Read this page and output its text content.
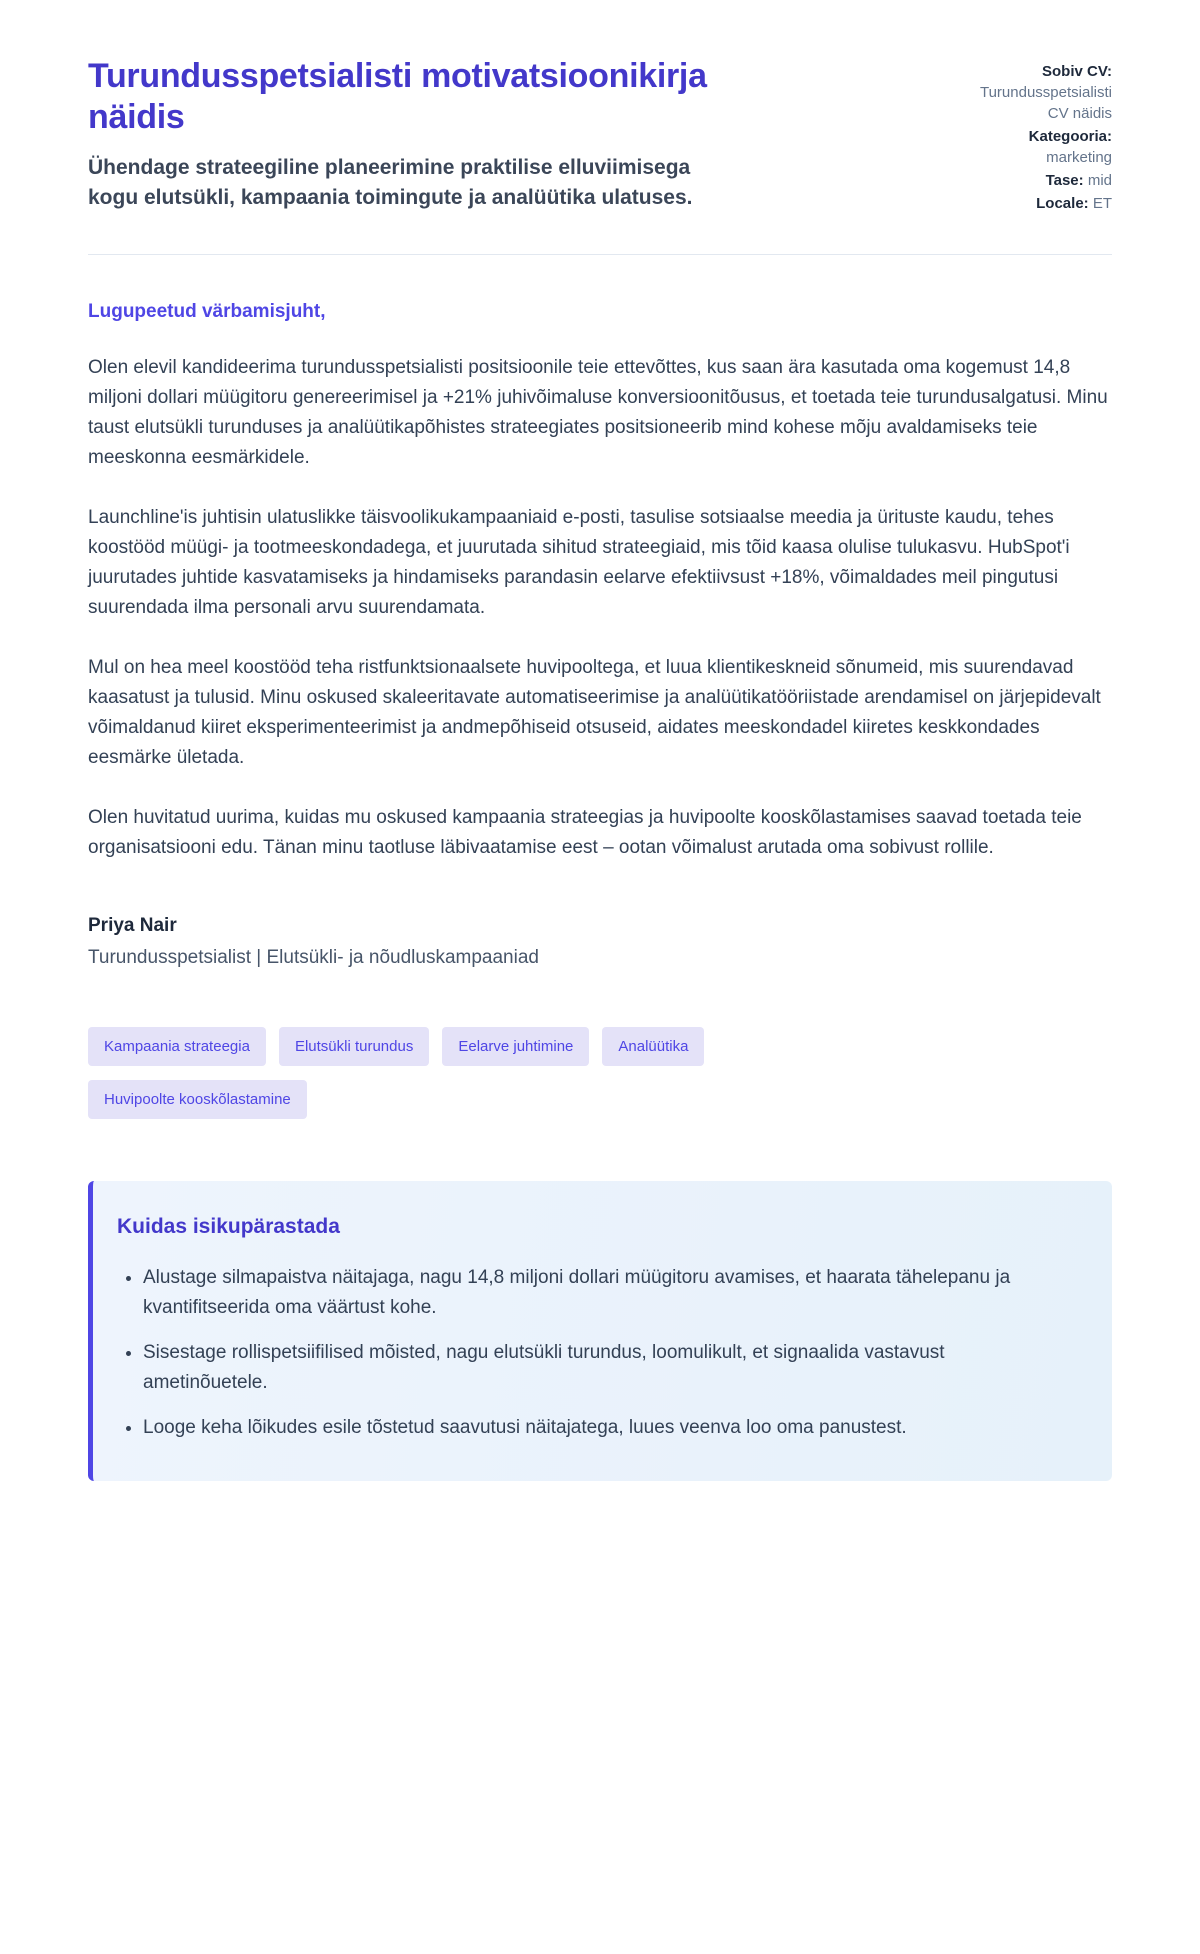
Turundusspetsialisti motivatsioonikirja näidis

Ühendage strateegiline planeerimine praktilise elluviimisega kogu elutsükli, kampaania toimingute ja analüütika ulatuses.

Sobiv CV: Turundusspetsialisti CV näidis
Kategooria: marketing
Tase: mid
Locale: ET

Lugupeetud värbamisjuht,

Olen elevil kandideerima turundusspetsialisti positsioonile teie ettevõttes, kus saan ära kasutada oma kogemust 14,8 miljoni dollari müügitoru genereerimisel ja +21% juhivõimaluse konversioonitõusus, et toetada teie turundusalgatusi. Minu taust elutsükli turunduses ja analüütikapõhistes strateegiates positsioneerib mind kohese mõju avaldamiseks teie meeskonna eesmärkidele.

Launchline'is juhtisin ulatuslikke täisvoolikukampaaniaid e-posti, tasulise sotsiaalse meedia ja ürituste kaudu, tehes koostööd müügi- ja tootmeeskondadega, et juurutada sihitud strateegiaid, mis tõid kaasa olulise tulukasvu. HubSpot'i juurutades juhtide kasvatamiseks ja hindamiseks parandasin eelarve efektiivsust +18%, võimaldades meil pingutusi suurendada ilma personali arvu suurendamata.

Mul on hea meel koostööd teha ristfunktsionaalsete huvipooltega, et luua klientikeskneid sõnumeid, mis suurendavad kaasatust ja tulusid. Minu oskused skaleeritavate automatiseerimise ja analüütikatööriistade arendamisel on järjepidevalt võimaldanud kiiret eksperimenteerimist ja andmepõhiseid otsuseid, aidates meeskondadel kiiretes keskkondades eesmärke ületada.

Olen huvitatud uurima, kuidas mu oskused kampaania strateegias ja huvipoolte kooskõlastamises saavad toetada teie organisatsiooni edu. Tänan minu taotluse läbivaatamise eest – ootan võimalust arutada oma sobivust rollile.

Priya Nair

Turundusspetsialist | Elutsükli- ja nõudluskampaaniad

Kampaania strateegia	Elutsükli turundus	Eelarve juhtimine	Analüütika
Huvipoolte kooskõlastamine
Kuidas isikupärastada
• Alustage silmapaistva näitajaga, nagu 14,8 miljoni dollari müügitoru avamises, et haarata tähelepanu ja kvantifitseerida oma väärtust kohe.
• Sisestage rollispetsiifilised mõisted, nagu elutsükli turundus, loomulikult, et signaalida vastavust ametinõuetele.
• Looge keha lõikudes esile tõstetud saavutusi näitajatega, luues veenva loo oma panustest.
